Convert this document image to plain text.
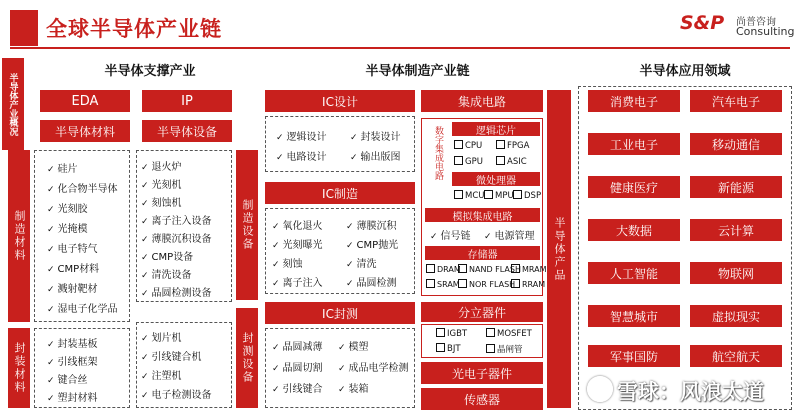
全球半导体产业链	S&P 尚普咨询
Consulting
半导体产业概况
半导体支撑产业	半导体制造产业链	半导体应用领域
EDA	IP
半导体材料	半导体设备
制造材料
✓ 硅片
✓ 化合物半导体
✓ 光刻胶
✓ 光掩模
✓ 电子特气
✓ CMP材料
✓ 溅射靶材
✓ 湿电子化学品
✓ 退火炉
✓ 光刻机
✓ 刻蚀机
✓ 离子注入设备
✓ 薄膜沉积设备
✓ CMP设备
✓ 清洗设备
✓ 晶圆检测设备
制造设备
封装材料	✓ 封装基板
✓ 引线框架
✓ 键合丝
✓ 塑封材料
✓ 划片机
✓ 引线键合机
✓ 注塑机
✓ 电子检测设备
封测设备
IC设计
✓ 逻辑设计	✓ 封装设计
✓ 电路设计	✓ 输出版图
IC制造
✓ 氧化退火	✓ 薄膜沉积
✓ 光刻曝光	✓ CMP抛光
✓ 刻蚀	✓ 清洗
✓ 离子注入	✓ 晶圆检测
IC封测
✓ 晶圆减薄	✓ 模塑
✓ 晶圆切割	✓ 成品电学检测
✓ 引线键合	✓ 装箱
集成电路
数字集成电路	逻辑芯片
CPU	FPGA
GPU	ASIC
微处理器
MCU	MPU	DSP
模拟集成电路
✓ 信号链	✓ 电源管理
存储器
DRAM	NAND FLASH MRAM
SRAM	NOR FLASH RRAM
分立器件
IGBT	MOSFET
BJT	晶闸管
光电子器件
传感器
半导体产品
消费电子	汽车电子
工业电子	移动通信
健康医疗	新能源
大数据	云计算
人工智能	物联网
智慧城市	虚拟现实
军事国防	航空航天
雪球：风浪太道
